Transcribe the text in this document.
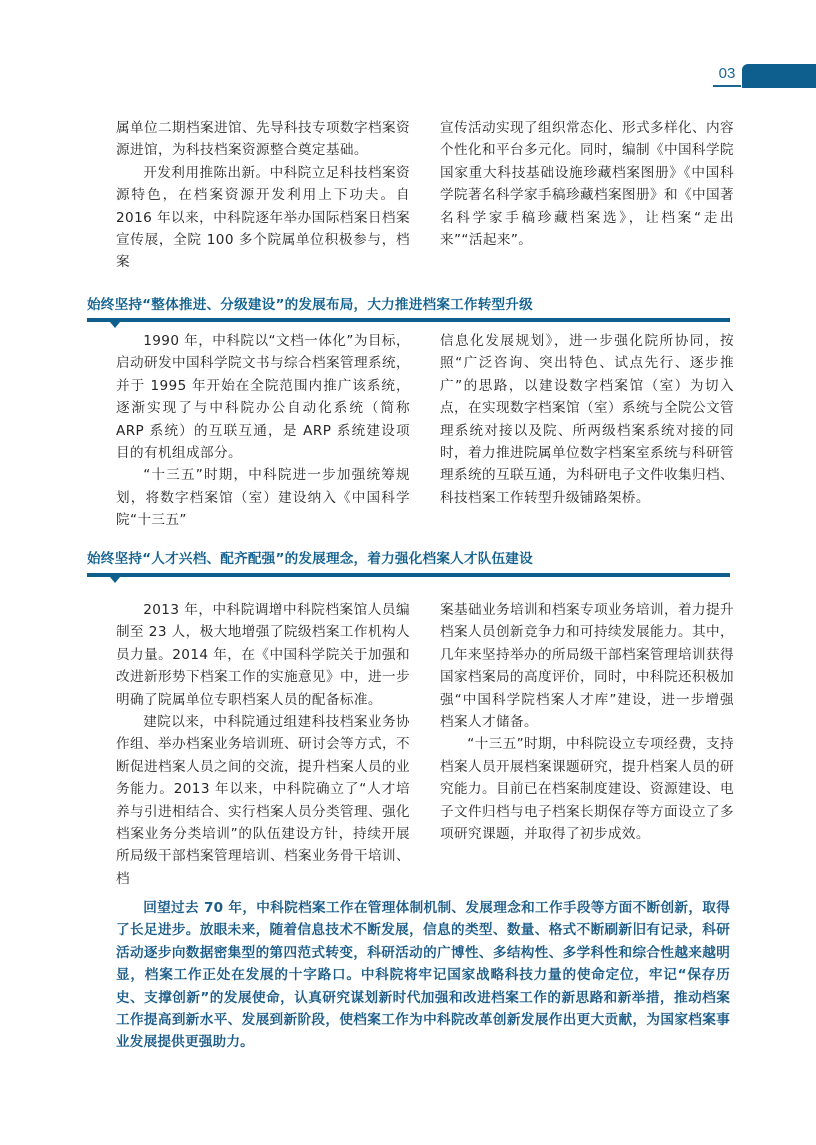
03

属单位二期档案进馆、先导科技专项数字档案资源进馆，为科技档案资源整合奠定基础。

开发利用推陈出新。中科院立足科技档案资源特色，在档案资源开发利用上下功夫。自2016 年以来，中科院逐年举办国际档案日档案宣传展，全院 100 多个院属单位积极参与，档案

宣传活动实现了组织常态化、形式多样化、内容个性化和平台多元化。同时，编制《中国科学院国家重大科技基础设施珍藏档案图册》《中国科学院著名科学家手稿珍藏档案图册》和《中国著名科学家手稿珍藏档案选》，让档案“走出来”“活起来”。

始终坚持“整体推进、分级建设”的发展布局，大力推进档案工作转型升级

1990 年，中科院以“文档一体化”为目标，启动研发中国科学院文书与综合档案管理系统，并于 1995 年开始在全院范围内推广该系统，逐渐实现了与中科院办公自动化系统（简称 ARP 系统）的互联互通，是 ARP 系统建设项目的有机组成部分。

“十三五”时期，中科院进一步加强统筹规划，将数字档案馆（室）建设纳入《中国科学院“十三五”

信息化发展规划》，进一步强化院所协同，按照“广泛咨询、突出特色、试点先行、逐步推广”的思路，以建设数字档案馆（室）为切入点，在实现数字档案馆（室）系统与全院公文管理系统对接以及院、所两级档案系统对接的同时，着力推进院属单位数字档案室系统与科研管理系统的互联互通，为科研电子文件收集归档、科技档案工作转型升级铺路架桥。

始终坚持“人才兴档、配齐配强”的发展理念，着力强化档案人才队伍建设

2013 年，中科院调增中科院档案馆人员编制至 23 人，极大地增强了院级档案工作机构人员力量。2014 年，在《中国科学院关于加强和改进新形势下档案工作的实施意见》中，进一步明确了院属单位专职档案人员的配备标准。

建院以来，中科院通过组建科技档案业务协作组、举办档案业务培训班、研讨会等方式，不断促进档案人员之间的交流，提升档案人员的业务能力。2013 年以来，中科院确立了“人才培养与引进相结合、实行档案人员分类管理、强化档案业务分类培训”的队伍建设方针，持续开展所局级干部档案管理培训、档案业务骨干培训、档

案基础业务培训和档案专项业务培训，着力提升档案人员创新竞争力和可持续发展能力。其中，几年来坚持举办的所局级干部档案管理培训获得国家档案局的高度评价，同时，中科院还积极加强“中国科学院档案人才库”建设，进一步增强档案人才储备。

“十三五”时期，中科院设立专项经费，支持档案人员开展档案课题研究，提升档案人员的研究能力。目前已在档案制度建设、资源建设、电子文件归档与电子档案长期保存等方面设立了多项研究课题，并取得了初步成效。

回望过去 70 年，中科院档案工作在管理体制机制、发展理念和工作手段等方面不断创新，取得了长足进步。放眼未来，随着信息技术不断发展，信息的类型、数量、格式不断刷新旧有记录，科研活动逐步向数据密集型的第四范式转变，科研活动的广博性、多结构性、多学科性和综合性越来越明显，档案工作正处在发展的十字路口。中科院将牢记国家战略科技力量的使命定位，牢记“保存历史、支撑创新”的发展使命，认真研究谋划新时代加强和改进档案工作的新思路和新举措，推动档案工作提高到新水平、发展到新阶段，使档案工作为中科院改革创新发展作出更大贡献，为国家档案事业发展提供更强助力。
